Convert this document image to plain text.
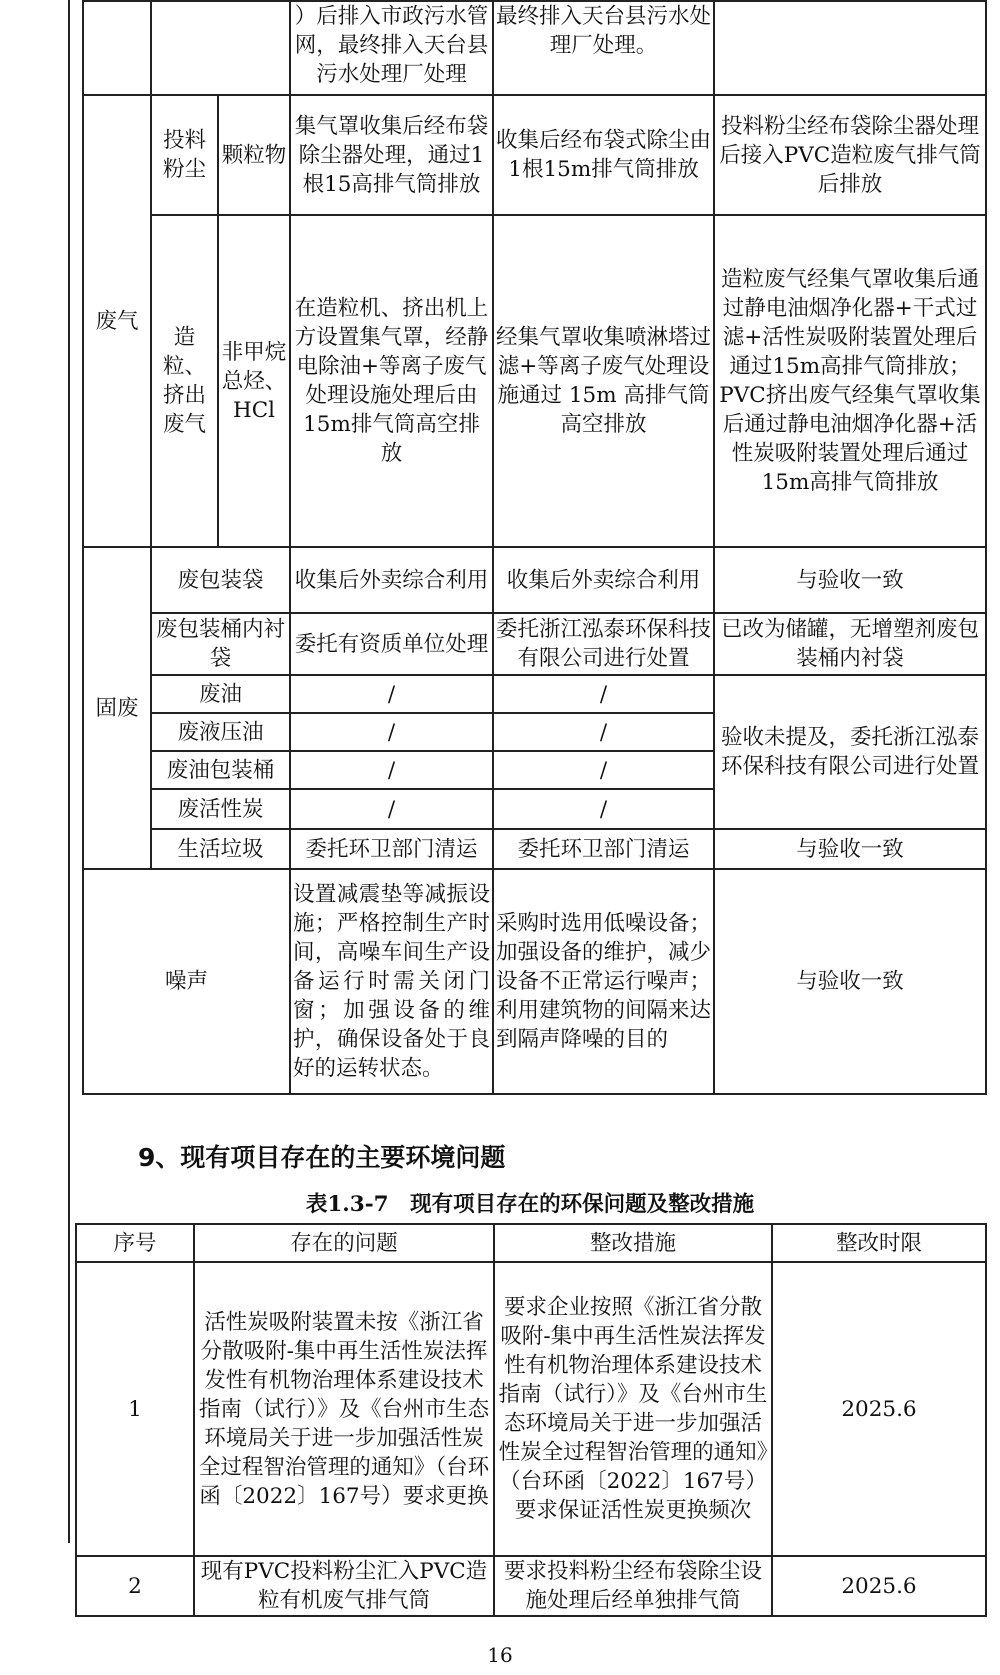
			）后排入市政污水管网，最终排入天台县污水处理厂处理	最终排入天台县污水处理厂处理。	
废气	投料粉尘	颗粒物	集气罩收集后经布袋除尘器处理，通过1根15高排气筒排放	收集后经布袋式除尘由1根15m排气筒排放	投料粉尘经布袋除尘器处理后接入PVC造粒废气排气筒后排放
	造粒、挤出废气	非甲烷总烃、HCl	在造粒机、挤出机上方设置集气罩，经静电除油+等离子废气处理设施处理后由15m排气筒高空排放	经集气罩收集喷淋塔过滤+等离子废气处理设施通过 15m 高排气筒高空排放	造粒废气经集气罩收集后通过静电油烟净化器+干式过滤+活性炭吸附装置处理后通过15m高排气筒排放；PVC挤出废气经集气罩收集后通过静电油烟净化器+活性炭吸附装置处理后通过15m高排气筒排放
固废	废包装袋		收集后外卖综合利用	收集后外卖综合利用	与验收一致
	废包装桶内衬袋		委托有资质单位处理	委托浙江泓泰环保科技有限公司进行处置	已改为储罐，无增塑剂废包装桶内衬袋
	废油		/	/	验收未提及，委托浙江泓泰环保科技有限公司进行处置
	废液压油		/	/	
	废油包装桶		/	/	
	废活性炭		/	/	
	生活垃圾		委托环卫部门清运	委托环卫部门清运	与验收一致
噪声			设置减震垫等减振设施；严格控制生产时间，高噪车间生产设备运行时需关闭门窗；加强设备的维护，确保设备处于良好的运转状态。	采购时选用低噪设备；加强设备的维护，减少设备不正常运行噪声；利用建筑物的间隔来达到隔声降噪的目的	与验收一致
9、现有项目存在的主要环境问题
表1.3-7　现有项目存在的环保问题及整改措施
序号	存在的问题	整改措施	整改时限
1	活性炭吸附装置未按《浙江省分散吸附-集中再生活性炭法挥发性有机物治理体系建设技术指南（试行）》及《台州市生态环境局关于进一步加强活性炭全过程智治管理的通知》（台环函〔2022〕167号）要求更换	要求企业按照《浙江省分散吸附-集中再生活性炭法挥发性有机物治理体系建设技术指南（试行）》及《台州市生态环境局关于进一步加强活性炭全过程智治管理的通知》（台环函〔2022〕167号）要求保证活性炭更换频次	2025.6
2	现有PVC投料粉尘汇入PVC造粒有机废气排气筒	要求投料粉尘经布袋除尘设施处理后经单独排气筒	2025.6
16
